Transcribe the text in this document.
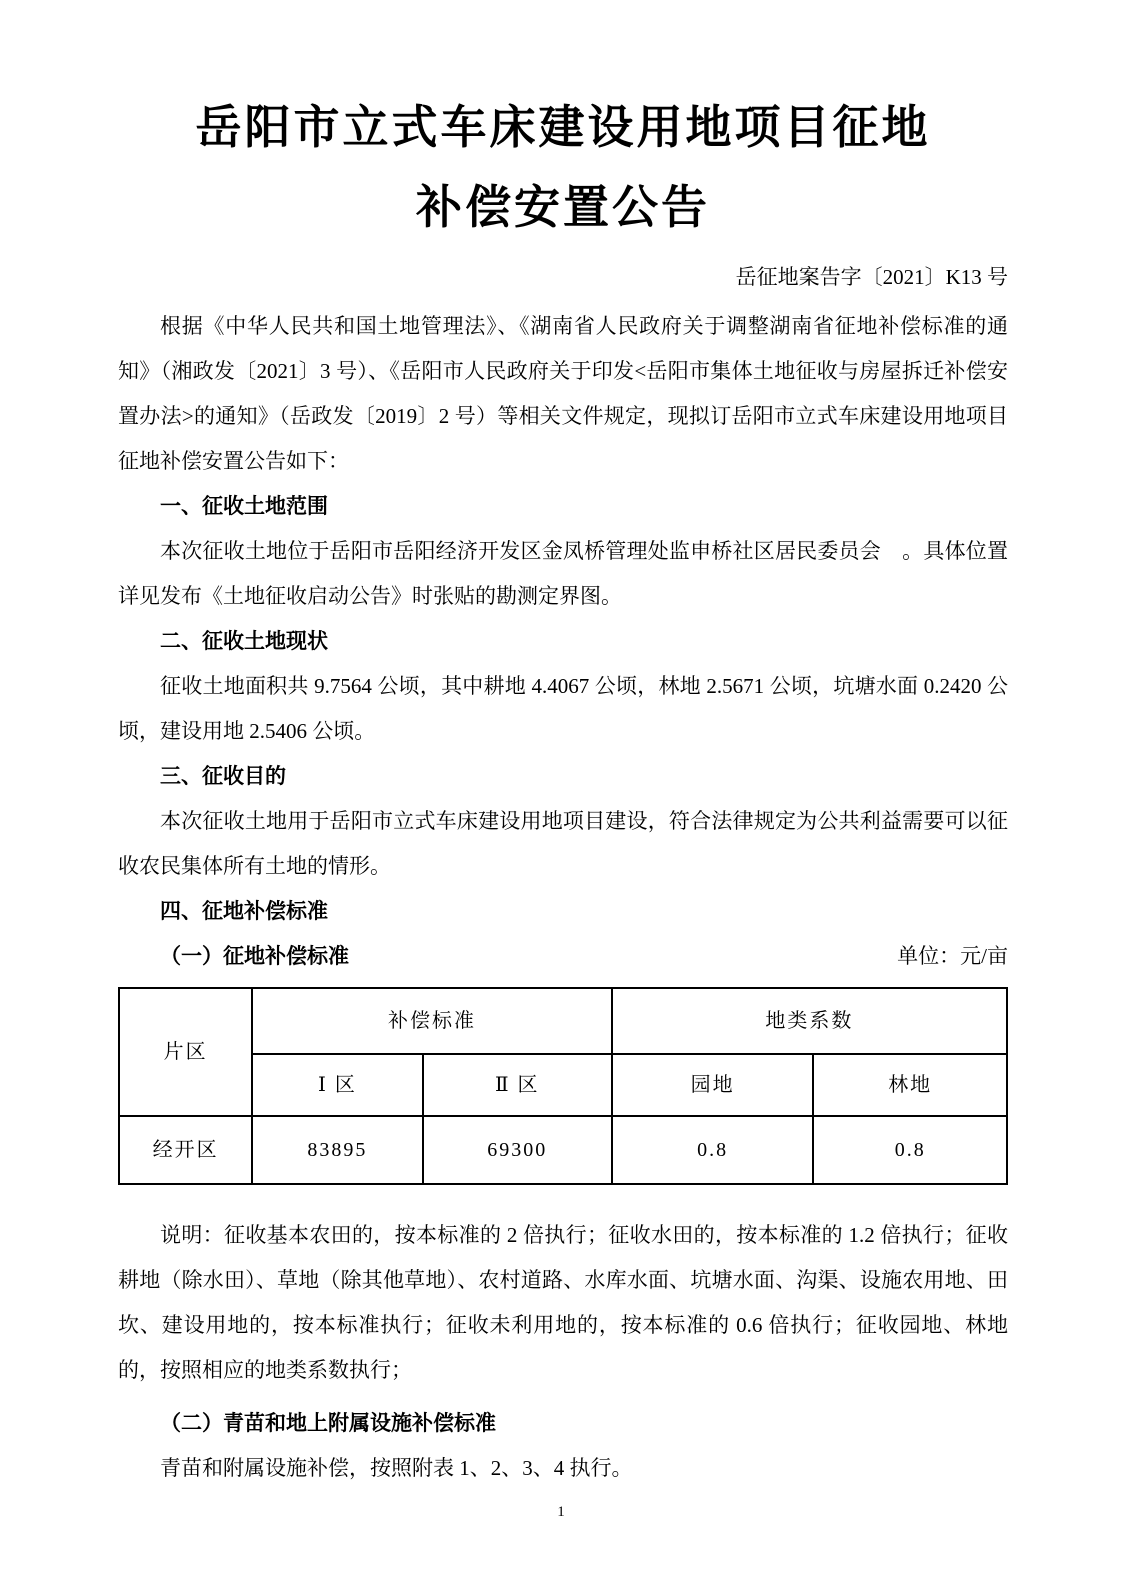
岳阳市立式车床建设用地项目征地
补偿安置公告
岳征地案告字〔2021〕K13 号

根据《中华人民共和国土地管理法》、《湖南省人民政府关于调整湖南省征地补偿标准的通知》（湘政发〔2021〕3 号）、《岳阳市人民政府关于印发<岳阳市集体土地征收与房屋拆迁补偿安置办法>的通知》（岳政发〔2019〕2 号）等相关文件规定，现拟订岳阳市立式车床建设用地项目征地补偿安置公告如下：

一、征收土地范围

本次征收土地位于岳阳市岳阳经济开发区金凤桥管理处监申桥社区居民委员会　。具体位置详见发布《土地征收启动公告》时张贴的勘测定界图。

二、征收土地现状

征收土地面积共 9.7564 公顷，其中耕地 4.4067 公顷，林地 2.5671 公顷，坑塘水面 0.2420 公顷，建设用地 2.5406 公顷。

三、征收目的

本次征收土地用于岳阳市立式车床建设用地项目建设，符合法律规定为公共利益需要可以征收农民集体所有土地的情形。

四、征地补偿标准

（一）征地补偿标准	单位：元/亩
片区	补偿标准		地类系数	
	Ⅰ 区	Ⅱ 区	园地	林地
经开区	83895	69300	0.8	0.8

说明：征收基本农田的，按本标准的 2 倍执行；征收水田的，按本标准的 1.2 倍执行；征收耕地（除水田）、草地（除其他草地）、农村道路、水库水面、坑塘水面、沟渠、设施农用地、田坎、建设用地的，按本标准执行；征收未利用地的，按本标准的 0.6 倍执行；征收园地、林地的，按照相应的地类系数执行；

（二）青苗和地上附属设施补偿标准

青苗和附属设施补偿，按照附表 1、2、3、4 执行。

1
